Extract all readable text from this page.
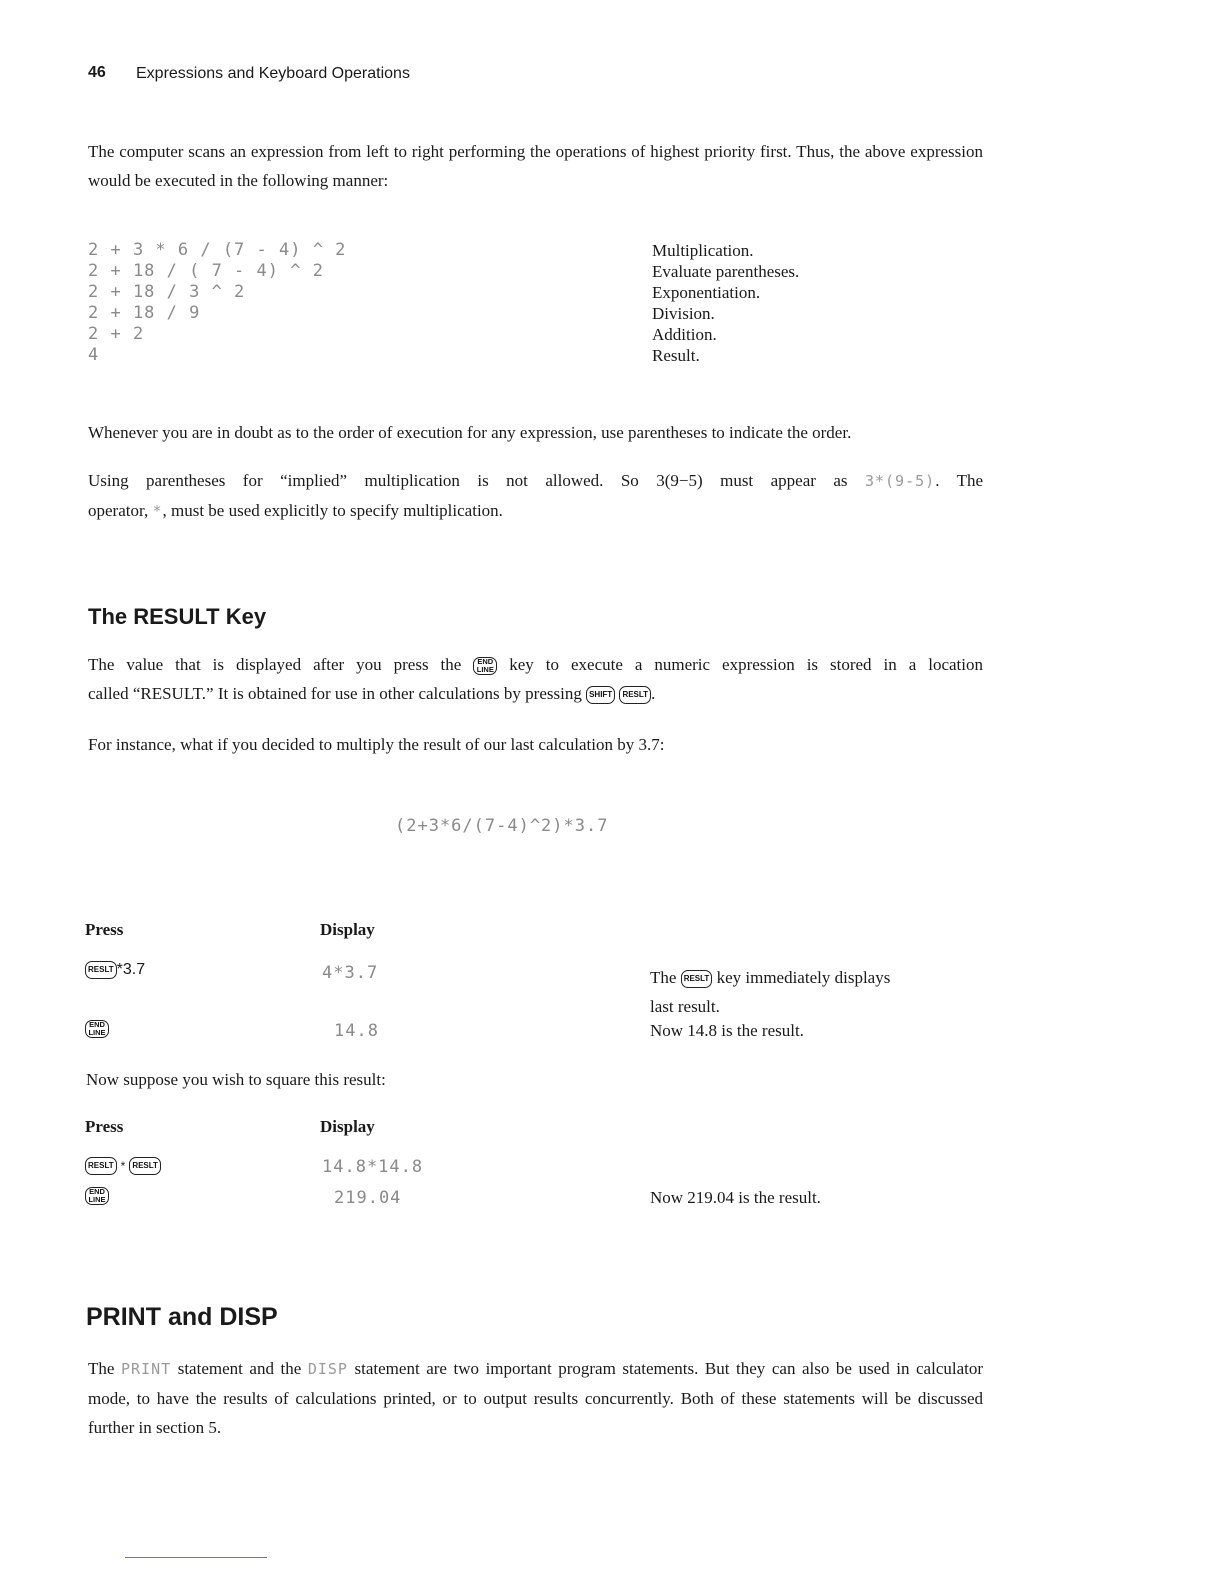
46 Expressions and Keyboard Operations
The computer scans an expression from left to right performing the operations of highest priority first. Thus, the above expression would be executed in the following manner:
2 + 3 * 6 / (7 - 4) ^ 2	Multiplication.
2 + 18 / ( 7 - 4) ^ 2	Evaluate parentheses.
2 + 18 / 3 ^ 2	Exponentiation.
2 + 18 / 9	Division.
2 + 2	Addition.
4	Result.
Whenever you are in doubt as to the order of execution for any expression, use parentheses to indicate the order.
Using parentheses for “implied” multiplication is not allowed. So 3(9−5) must appear as 3*(9-5). The
operator, *, must be used explicitly to specify multiplication.
The RESULT Key
The value that is displayed after you press the END
LINE key to execute a numeric expression is stored in a location
called “RESULT.” It is obtained for use in other calculations by pressing SHIFT RESLT .
For instance, what if you decided to multiply the result of our last calculation by 3.7:
(2+3*6/(7-4)^2)*3.7
Press	Display
RESLT *3.7	4*3.7	The RESLT key immediately displays
last result.
END
LINE	14.8	Now 14.8 is the result.
Now suppose you wish to square this result:
Press	Display
RESLT * RESLT	14.8*14.8
END
LINE	219.04	Now 219.04 is the result.
PRINT and DISP
The PRINT statement and the DISP statement are two important program statements. But they can also be used in calculator mode, to have the results of calculations printed, or to output results concurrently. Both of these statements will be discussed further in section 5.
